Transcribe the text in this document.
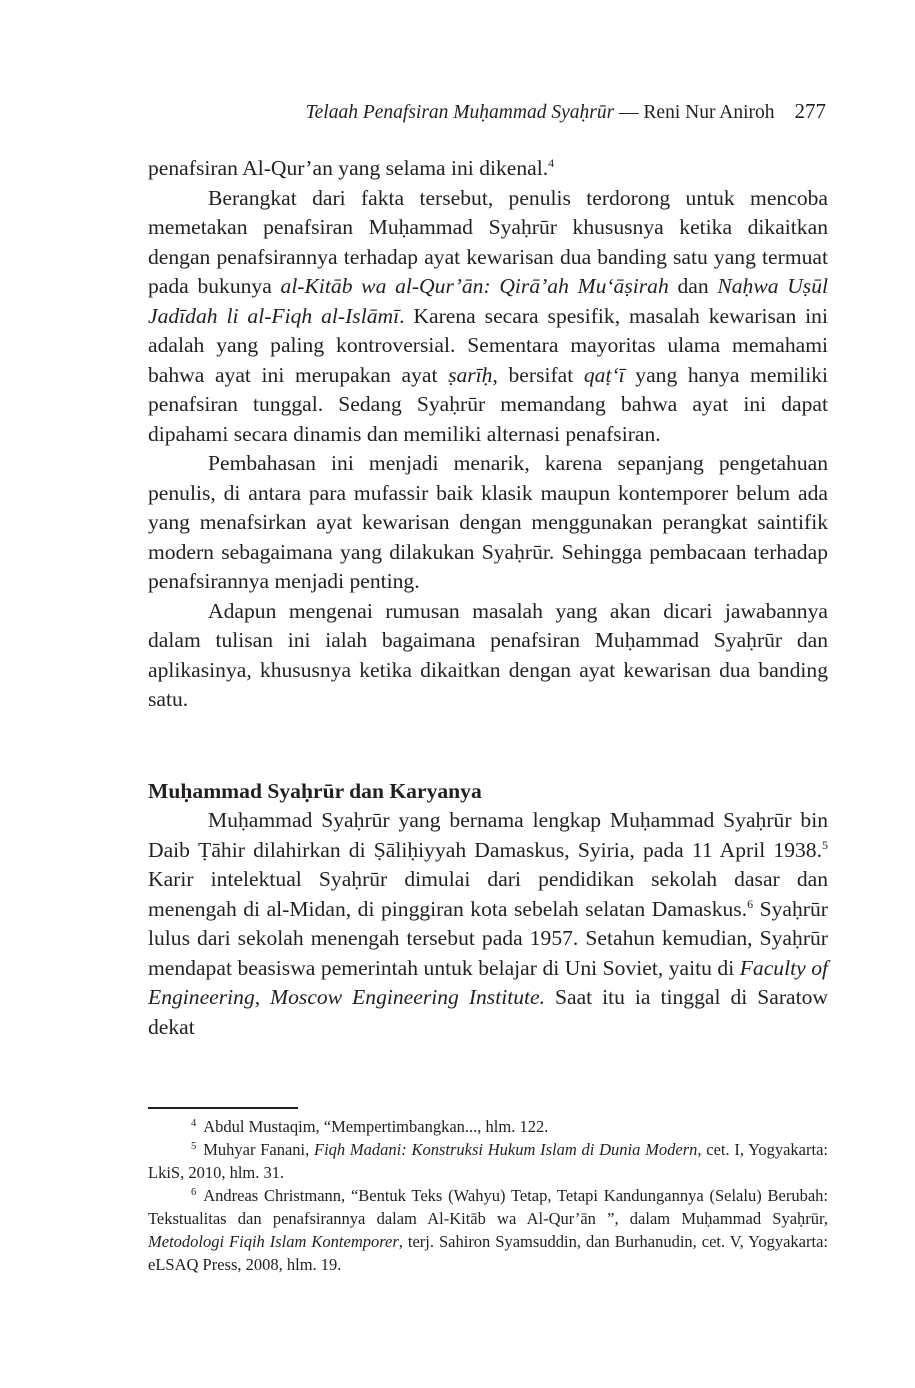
Telaah Penafsiran Muḥammad Syaḥrūr — Reni Nur Aniroh 277

penafsiran Al-Qur’an yang selama ini dikenal.$^4$

Berangkat dari fakta tersebut, penulis terdorong untuk mencoba memetakan penafsiran Muḥammad Syaḥrūr khususnya ketika dikaitkan dengan penafsirannya terhadap ayat kewarisan dua banding satu yang termuat pada bukunya al-Kitāb wa al-Qur’ān: Qirā’ah Mu‘āṣirah dan Naḥwa Uṣūl Jadīdah li al-Fiqh al-Islāmī. Karena secara spesifik, masalah kewarisan ini adalah yang paling kontroversial. Sementara mayoritas ulama memahami bahwa ayat ini merupakan ayat ṣarīḥ, bersifat qaṭ‘ī yang hanya memiliki penafsiran tunggal. Sedang Syaḥrūr memandang bahwa ayat ini dapat dipahami secara dinamis dan memiliki alternasi penafsiran.

Pembahasan ini menjadi menarik, karena sepanjang pengetahuan penulis, di antara para mufassir baik klasik maupun kontemporer belum ada yang menafsirkan ayat kewarisan dengan menggunakan perangkat saintifik modern sebagaimana yang dilakukan Syaḥrūr. Sehingga pembacaan terhadap penafsirannya menjadi penting.

Adapun mengenai rumusan masalah yang akan dicari jawabannya dalam tulisan ini ialah bagaimana penafsiran Muḥammad Syaḥrūr dan aplikasinya, khususnya ketika dikaitkan dengan ayat kewarisan dua banding satu.

Muḥammad Syaḥrūr dan Karyanya

Muḥammad Syaḥrūr yang bernama lengkap Muḥammad Syaḥrūr bin Daib Ṭāhir dilahirkan di Ṣāliḥiyyah Damaskus, Syiria, pada 11 April 1938.$^5$ Karir intelektual Syaḥrūr dimulai dari pendidikan sekolah dasar dan menengah di al-Midan, di pinggiran kota sebelah selatan Damaskus.$^6$ Syaḥrūr lulus dari sekolah menengah tersebut pada 1957. Setahun kemudian, Syaḥrūr mendapat beasiswa pemerintah untuk belajar di Uni Soviet, yaitu di Faculty of Engineering, Moscow Engineering Institute. Saat itu ia tinggal di Saratow dekat

$^4$ Abdul Mustaqim, “Mempertimbangkan..., hlm. 122.

$^5$ Muhyar Fanani, Fiqh Madani: Konstruksi Hukum Islam di Dunia Modern, cet. I, Yogyakarta: LkiS, 2010, hlm. 31.

$^6$ Andreas Christmann, “Bentuk Teks (Wahyu) Tetap, Tetapi Kandungannya (Selalu) Berubah: Tekstualitas dan penafsirannya dalam Al-Kitāb wa Al-Qur’ān ”, dalam Muḥammad Syaḥrūr, Metodologi Fiqih Islam Kontemporer, terj. Sahiron Syamsuddin, dan Burhanudin, cet. V, Yogyakarta: eLSAQ Press, 2008, hlm. 19.
